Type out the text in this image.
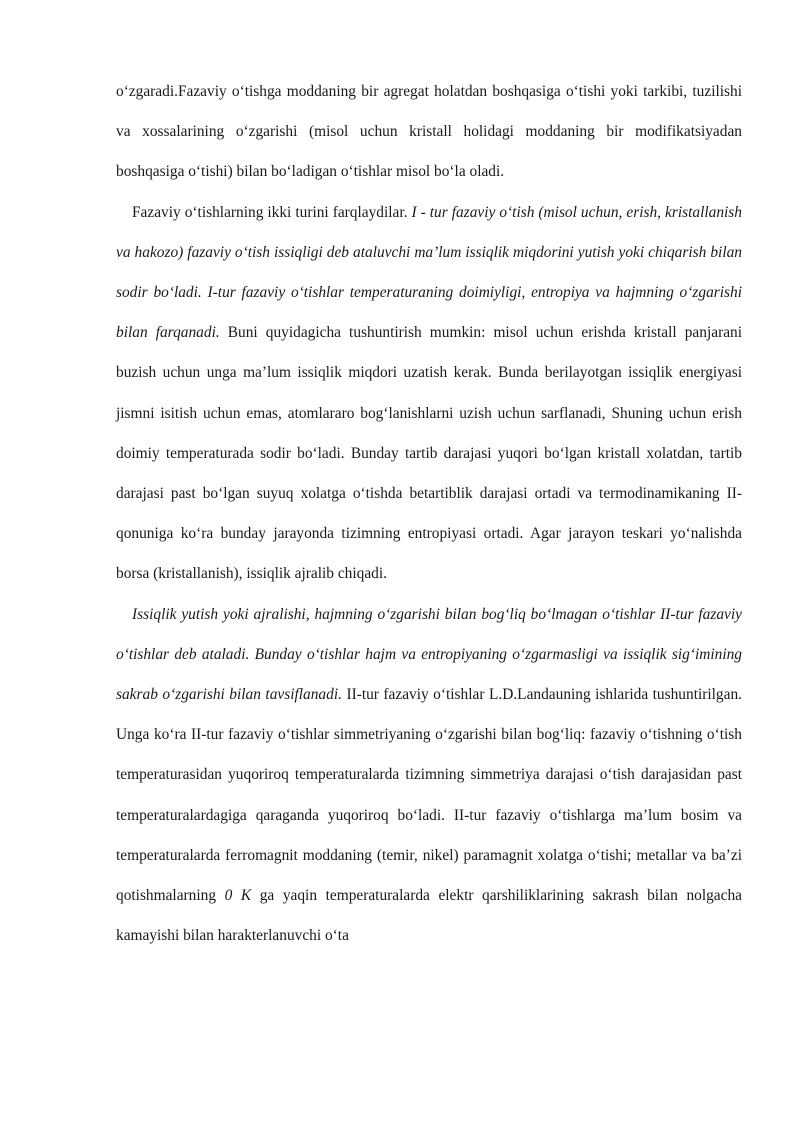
o‘zgaradi.Fazaviy o‘tishga moddaning bir agregat holatdan boshqasiga o‘tishi yoki tarkibi, tuzilishi va xossalarining o‘zgarishi (misol uchun kristall holidagi moddaning bir modifikatsiyadan boshqasiga o‘tishi) bilan bo‘ladigan o‘tishlar misol bo‘la oladi.

Fazaviy o‘tishlarning ikki turini farqlaydilar. I - tur fazaviy o‘tish (misol uchun, erish, kristallanish va hakozo) fazaviy o‘tish issiqligi deb ataluvchi ma’lum issiqlik miqdorini yutish yoki chiqarish bilan sodir bo‘ladi. I-tur fazaviy o‘tishlar temperaturaning doimiyligi, entropiya va hajmning o‘zgarishi bilan farqanadi. Buni quyidagicha tushuntirish mumkin: misol uchun erishda kristall panjarani buzish uchun unga ma’lum issiqlik miqdori uzatish kerak. Bunda berilayotgan issiqlik energiyasi jismni isitish uchun emas, atomlararo bog‘lanishlarni uzish uchun sarflanadi, Shuning uchun erish doimiy temperaturada sodir bo‘ladi. Bunday tartib darajasi yuqori bo‘lgan kristall xolatdan, tartib darajasi past bo‘lgan suyuq xolatga o‘tishda betartiblik darajasi ortadi va termodinamikaning II-qonuniga ko‘ra bunday jarayonda tizimning entropiyasi ortadi. Agar jarayon teskari yo‘nalishda borsa (kristallanish), issiqlik ajralib chiqadi.

Issiqlik yutish yoki ajralishi, hajmning o‘zgarishi bilan bog‘liq bo‘lmagan o‘tishlar II-tur fazaviy o‘tishlar deb ataladi. Bunday o‘tishlar hajm va entropiyaning o‘zgarmasligi va issiqlik sig‘imining sakrab o‘zgarishi bilan tavsiflanadi. II-tur fazaviy o‘tishlar L.D.Landauning ishlarida tushuntirilgan. Unga ko‘ra II-tur fazaviy o‘tishlar simmetriyaning o‘zgarishi bilan bog‘liq: fazaviy o‘tishning o‘tish temperaturasidan yuqoriroq temperaturalarda tizimning simmetriya darajasi o‘tish darajasidan past temperaturalardagiga qaraganda yuqoriroq bo‘ladi. II-tur fazaviy o‘tishlarga ma’lum bosim va temperaturalarda ferromagnit moddaning (temir, nikel) paramagnit xolatga o‘tishi; metallar va ba’zi qotishmalarning 0 K ga yaqin temperaturalarda elektr qarshiliklarining sakrash bilan nolgacha kamayishi bilan harakterlanuvchi o‘ta
